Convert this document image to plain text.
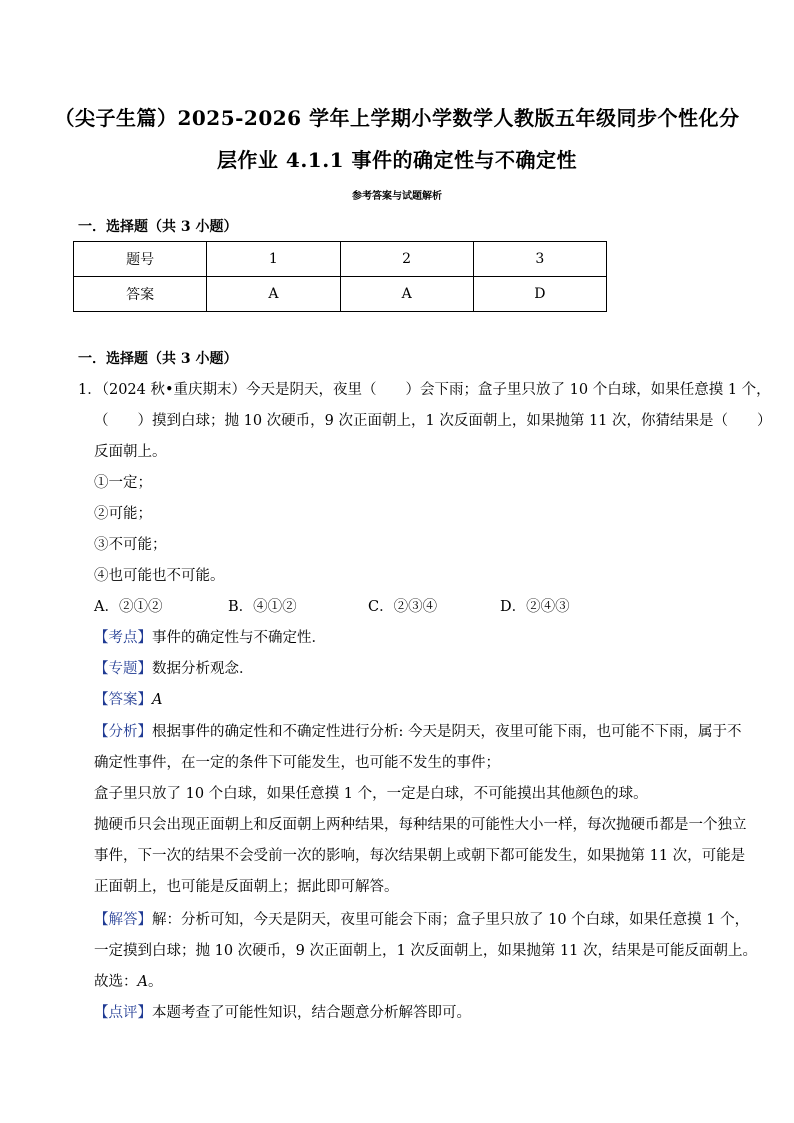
（尖子生篇）2025-2026 学年上学期小学数学人教版五年级同步个性化分
层作业 4.1.1 事件的确定性与不确定性
参考答案与试题解析
一．选择题（共 3 小题）
题号	1	2	3
答案	A	A	D
一．选择题（共 3 小题）
1．（2024 秋•重庆期末）今天是阴天，夜里（　　）会下雨；盒子里只放了 10 个白球，如果任意摸 1 个，
（　　）摸到白球；抛 10 次硬币，9 次正面朝上，1 次反面朝上，如果抛第 11 次，你猜结果是（　　）
反面朝上。
①一定；
②可能；
③不可能；
④也可能也不可能。
A．②①②	B．④①②	C．②③④	D．②④③
【考点】事件的确定性与不确定性．
【专题】数据分析观念．
【答案】A
【分析】根据事件的确定性和不确定性进行分析: 今天是阴天，夜里可能下雨，也可能不下雨，属于不
确定性事件，在一定的条件下可能发生，也可能不发生的事件；
盒子里只放了 10 个白球，如果任意摸 1 个，一定是白球，不可能摸出其他颜色的球。
抛硬币只会出现正面朝上和反面朝上两种结果，每种结果的可能性大小一样，每次抛硬币都是一个独立
事件，下一次的结果不会受前一次的影响，每次结果朝上或朝下都可能发生，如果抛第 11 次，可能是
正面朝上，也可能是反面朝上；据此即可解答。
【解答】解：分析可知，今天是阴天，夜里可能会下雨；盒子里只放了 10 个白球，如果任意摸 1 个，
一定摸到白球；抛 10 次硬币，9 次正面朝上，1 次反面朝上，如果抛第 11 次，结果是可能反面朝上。
故选：A。
【点评】本题考查了可能性知识，结合题意分析解答即可。
